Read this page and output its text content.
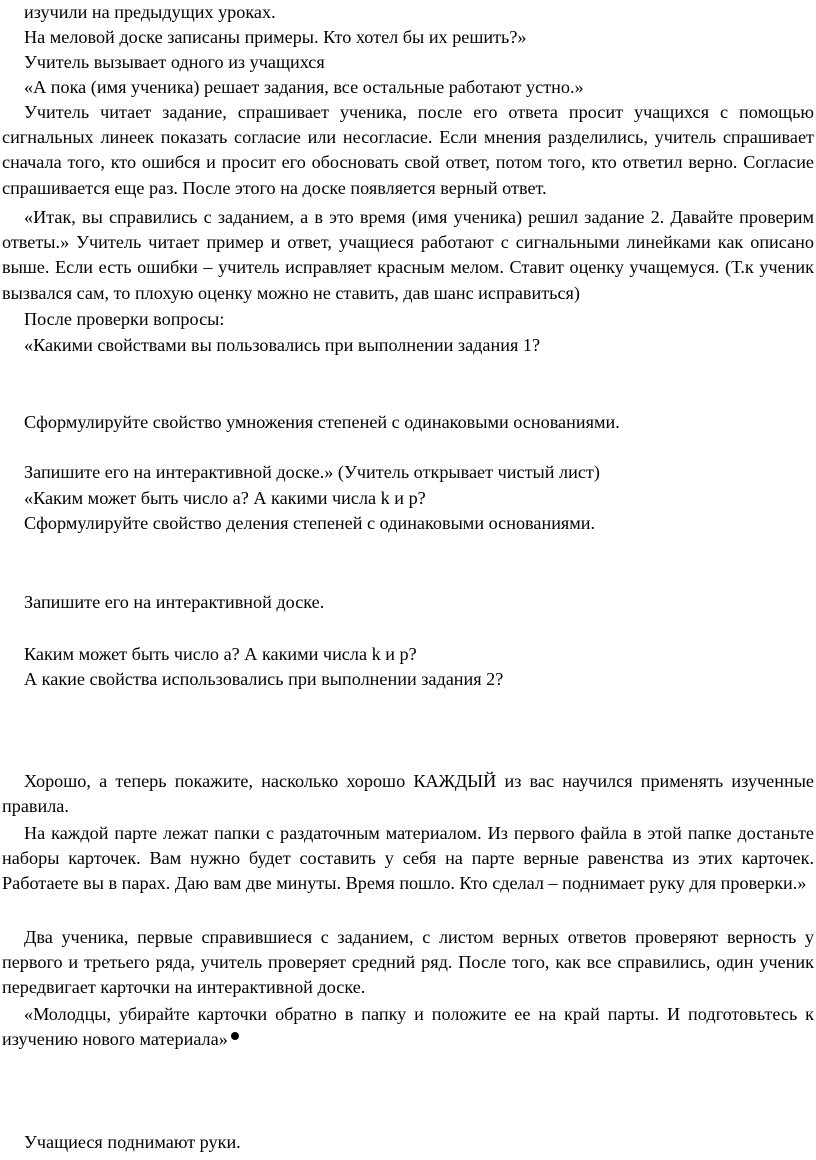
изучили на предыдущих уроках.

На меловой доске записаны примеры. Кто хотел бы их решить?»

Учитель вызывает одного из учащихся

«А пока (имя ученика) решает задания, все остальные работают устно.»

Учитель читает задание, спрашивает ученика, после его ответа просит учащихся с помощью сигнальных линеек показать согласие или несогласие. Если мнения разделились, учитель спрашивает сначала того, кто ошибся и просит его обосновать свой ответ, потом того, кто ответил верно. Согласие спрашивается еще раз. После этого на доске появляется верный ответ.

«Итак, вы справились с заданием, а в это время (имя ученика) решил задание 2. Давайте проверим ответы.» Учитель читает пример и ответ, учащиеся работают с сигнальными линейками как описано выше. Если есть ошибки – учитель исправляет красным мелом. Ставит оценку учащемуся. (Т.к ученик вызвался сам, то плохую оценку можно не ставить, дав шанс исправиться)

После проверки вопросы:

«Какими свойствами вы пользовались при выполнении задания 1?

Сформулируйте свойство умножения степеней с одинаковыми основаниями.

Запишите его на интерактивной доске.» (Учитель открывает чистый лист)

«Каким может быть число a? А какими числа k и p?

Сформулируйте свойство деления степеней с одинаковыми основаниями.

Запишите его на интерактивной доске.

Каким может быть число a? А какими числа k и p?

А какие свойства использовались при выполнении задания 2?

Хорошо, а теперь покажите, насколько хорошо КАЖДЫЙ из вас научился применять изученные правила.

На каждой парте лежат папки с раздаточным материалом. Из первого файла в этой папке достаньте наборы карточек. Вам нужно будет составить у себя на парте верные равенства из этих карточек. Работаете вы в парах. Даю вам две минуты. Время пошло. Кто сделал – поднимает руку для проверки.»

Два ученика, первые справившиеся с заданием, с листом верных ответов проверяют верность у первого и третьего ряда, учитель проверяет средний ряд. После того, как все справились, один ученик передвигает карточки на интерактивной доске.

«Молодцы, убирайте карточки обратно в папку и положите ее на край парты. И подготовьтесь к изучению нового материала»

Учащиеся поднимают руки.
